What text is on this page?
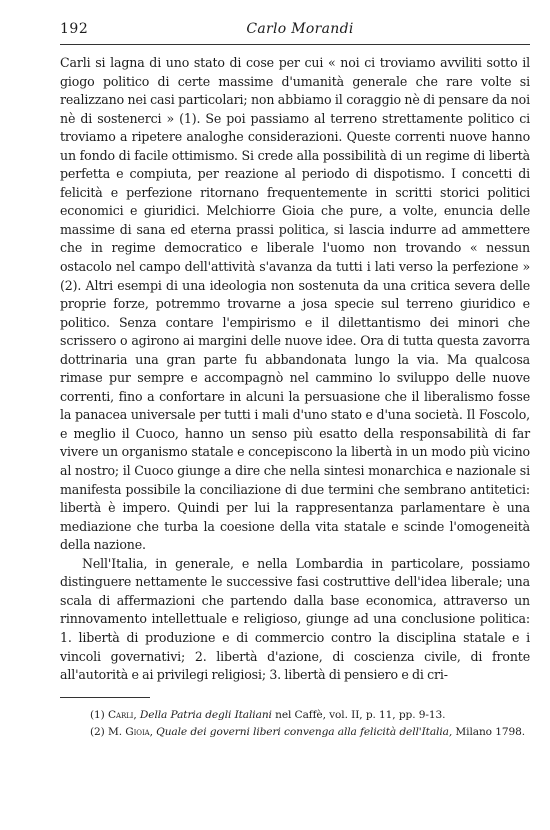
192	Carlo Morandi

Carli si lagna di uno stato di cose per cui « noi ci troviamo avviliti sotto il giogo politico di certe massime d'umanità generale che rare volte si realizzano nei casi particolari; non abbiamo il coraggio nè di pensare da noi nè di sostenerci » (1). Se poi passiamo al terreno strettamente politico ci troviamo a ripetere analoghe considerazioni. Queste correnti nuove hanno un fondo di facile ottimismo. Si crede alla possibilità di un regime di libertà perfetta e compiuta, per reazione al periodo di dispotismo. I concetti di felicità e perfezione ritornano frequentemente in scritti storici politici economici e giuridici. Melchiorre Gioia che pure, a volte, enuncia delle massime di sana ed eterna prassi politica, si lascia indurre ad ammettere che in regime democratico e liberale l'uomo non trovando « nessun ostacolo nel campo dell'attività s'avanza da tutti i lati verso la perfezione » (2). Altri esempi di una ideologia non sostenuta da una critica severa delle proprie forze, potremmo trovarne a josa specie sul terreno giuridico e politico. Senza contare l'empirismo e il dilettantismo dei minori che scrissero o agirono ai margini delle nuove idee. Ora di tutta questa zavorra dottrinaria una gran parte fu abbandonata lungo la via. Ma qualcosa rimase pur sempre e accompagnò nel cammino lo sviluppo delle nuove correnti, fino a confortare in alcuni la persuasione che il liberalismo fosse la panacea universale per tutti i mali d'uno stato e d'una società. Il Foscolo, e meglio il Cuoco, hanno un senso più esatto della responsabilità di far vivere un organismo statale e concepiscono la libertà in un modo più vicino al nostro; il Cuoco giunge a dire che nella sintesi monarchica e nazionale si manifesta possibile la conciliazione di due termini che sembrano antitetici: libertà è impero. Quindi per lui la rappresentanza parlamentare è una mediazione che turba la coesione della vita statale e scinde l'omogeneità della nazione.

Nell'Italia, in generale, e nella Lombardia in particolare, possiamo distinguere nettamente le successive fasi costruttive dell'idea liberale; una scala di affermazioni che partendo dalla base economica, attraverso un rinnovamento intellettuale e religioso, giunge ad una conclusione politica: 1. libertà di produzione e di commercio contro la disciplina statale e i vincoli governativi; 2. libertà d'azione, di coscienza civile, di fronte all'autorità e ai privilegi religiosi; 3. libertà di pensiero e di cri-

(1) Carli, Della Patria degli Italiani nel Caffè, vol. II, p. 11, pp. 9-13.
(2) M. Gioia, Quale dei governi liberi convenga alla felicità dell'Italia, Milano 1798.
